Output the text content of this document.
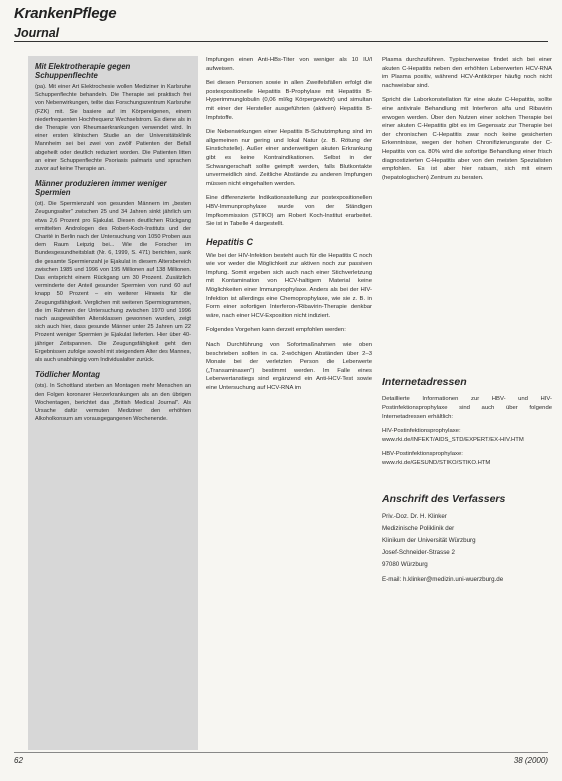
KrankenPflege
Journal
Mit Elektrotherapie gegen Schuppenflechte

(pa). Mit einer Art Elektrochesie wollen Mediziner in Karlsruhe Schuppenflechte behandeln. Die Therapie sei praktisch frei von Nebenwirkungen, teilte das Forschungszentrum Karlsruhe (FZK) mit. Sie basiere auf im Körpereigenen, einem niederfrequenten Hochfrequenz Wechselstrom. Es diene als in die Therapie von Rheumaerkrankungen verwendet wird. In einer ersten klinischen Studie an der Universitätsklinik Mannheim sei bei zwei von zwölf Patienten der Befall abgeheilt oder deutlich reduziert worden. Die Patienten litten an einer Schuppenflechte Psoriasis palmaris und sprachen zuvor auf keine Therapie an.

Männer produzieren immer weniger Spermien

(ot). Die Spermienzahl von gesunden Männern im „besten Zeugungsalter" zwischen 25 und 34 Jahren sinkt jährlich um etwa 2,6 Prozent pro Ejakulat. Diesen deutlichen Rückgang ermittelten Andrologen des Robert-Koch-Instituts und der Charité in Berlin nach der Untersuchung von 1050 Proben aus dem Raum Leipzig bei... Wie die Forscher im Bundesgesundheitsblatt (Nr. 6, 1999, S. 471) berichten, sank die gesamte Spermienzahl je Ejakulat in diesem Altersbereich zwischen 1985 und 1996 von 195 Millionen auf 138 Millionen. Das entspricht einem Rückgang um 30 Prozent. Zusätzlich verminderte der Anteil gesunder Spermien von rund 60 auf knapp 50 Prozent – ein weiterer Hinweis für die Zeugungsfähigkeit. Verglichen mit weiteren Spermiogrammen, die im Rahmen der Untersuchung zwischen 1970 und 1996 nach ausgewählten Altersklassen gewonnen wurden, zeigt sich auch hier, dass gesunde Männer unter 25 Jahren um 22 Prozent weniger Spermien je Ejakulat lieferten. Hier über 40-jähriger Zeitspannen. Die Zeugungsfähigkeit geht den Ergebnissen zufolge sowohl mit steigendem Alter des Mannes, als auch unabhängig vom Individualalter zurück.

Tödlicher Montag

(ots). In Schottland sterben an Montagen mehr Menschen an den Folgen koronarer Herzerkrankungen als an den übrigen Wochentagen, berichtet das „British Medical Journal". Als Ursache dafür vermuten Mediziner den erhöhten Alkoholkonsum am vorausgegangenen Wochenende.

Impfungen einen Anti-HBs-Titer von weniger als 10 IU/l aufweisen.

Bei diesen Personen sowie in allen Zweifelsfällen erfolgt die postexpositionelle Hepatitis B-Prophylaxe mit Hepatitis B-Hyperimmunglobulin (0,06 ml/kg Körpergewicht) und simultan mit einer der Hersteller ausgeführten (aktiven) Hepatitis B-Impfstoffe.

Die Nebenwirkungen einer Hepatitis B-Schutzimpfung sind im allgemeinen nur gering und lokal Natur (z. B. Rötung der Einstichstelle). Außer einer anderweitigen akuten Erkrankung gibt es keine Kontraindikationen. Selbst in der Schwangerschaft sollte geimpft werden, falls Blutkontakte unvermeidlich sind. Zeitliche Abstände zu anderen Impfungen müssen nicht eingehalten werden.

Eine differenzierte Indikationsstellung zur postexpositionellen HBV-Immunprophylaxe wurde von der Ständigen Impfkommission (STIKO) am Robert Koch-Institut erarbeitet. Sie ist in Tabelle 4 dargestellt.

Hepatitis C

Wie bei der HIV-Infektion besteht auch für die Hepatitis C noch wie vor weder die Möglichkeit zur aktiven noch zur passiven Impfung. Somit ergeben sich auch nach einer Stichverletzung mit Kontamination von HCV-haltigem Material keine Möglichkeiten einer Immunprophylaxe. Anders als bei der HIV-Infektion ist allerdings eine Chemoprophylaxe, wie sie z. B. in Form einer sofortigen Interferon-/Ribavirin-Therapie denkbar wäre, nach einer HCV-Exposition nicht indiziert.

Folgendes Vorgehen kann derzeit empfohlen werden:

Nach Durchführung von Sofortmaßnahmen wie oben beschrieben sollten in ca. 2-wöchigen Abständen über 2–3 Monate bei der verletzten Person die Leberwerte („Transaminasen") bestimmt werden. Im Falle eines Leberwertanstiegs sind ergänzend ein Anti-HCV-Test sowie eine Untersuchung auf HCV-RNA im

Plasma durchzuführen. Typischerweise findet sich bei einer akuten C-Hepatitis neben den erhöhten Leberwerten HCV-RNA im Plasma positiv, während HCV-Antikörper häufig noch nicht nachweisbar sind.

Spricht die Laborkonstellation für eine akute C-Hepatitis, sollte eine antivirale Behandlung mit Interferon alfa und Ribavirin erwogen werden. Über den Nutzen einer solchen Therapie bei einer akuten C-Hepatitis gibt es im Gegensatz zur Therapie bei der chronischen C-Hepatitis zwar noch keine gesicherten Erkenntnisse, wegen der hohen Chronifizierungsrate der C-Hepatitis von ca. 80% wird die sofortige Behandlung einer frisch diagnostizierten C-Hepatitis aber von den meisten Spezialisten empfohlen. Es ist aber hier ratsam, sich mit einem (hepatologischen) Zentrum zu beraten.

Internetadressen

Detaillierte Informationen zur HBV- und HIV-Postinfektionsprophylaxe sind auch über folgende Internetadressen erhältlich:

HIV-Postinfektionsprophylaxe: www.rki.de/INFEKT/AIDS_STD/EXPERT/EX-HIV.HTM

HBV-Postinfektionsprophylaxe: www.rki.de/GESUND/STIKO/STIKO.HTM

Anschrift des Verfassers

Priv.-Doz. Dr. H. Klinker

Medizinische Poliklinik der

Klinikum der Universität Würzburg

Josef-Schneider-Strasse 2

97080 Würzburg

E-mail: h.klinker@medizin.uni-wuerzburg.de

62	38 (2000)
